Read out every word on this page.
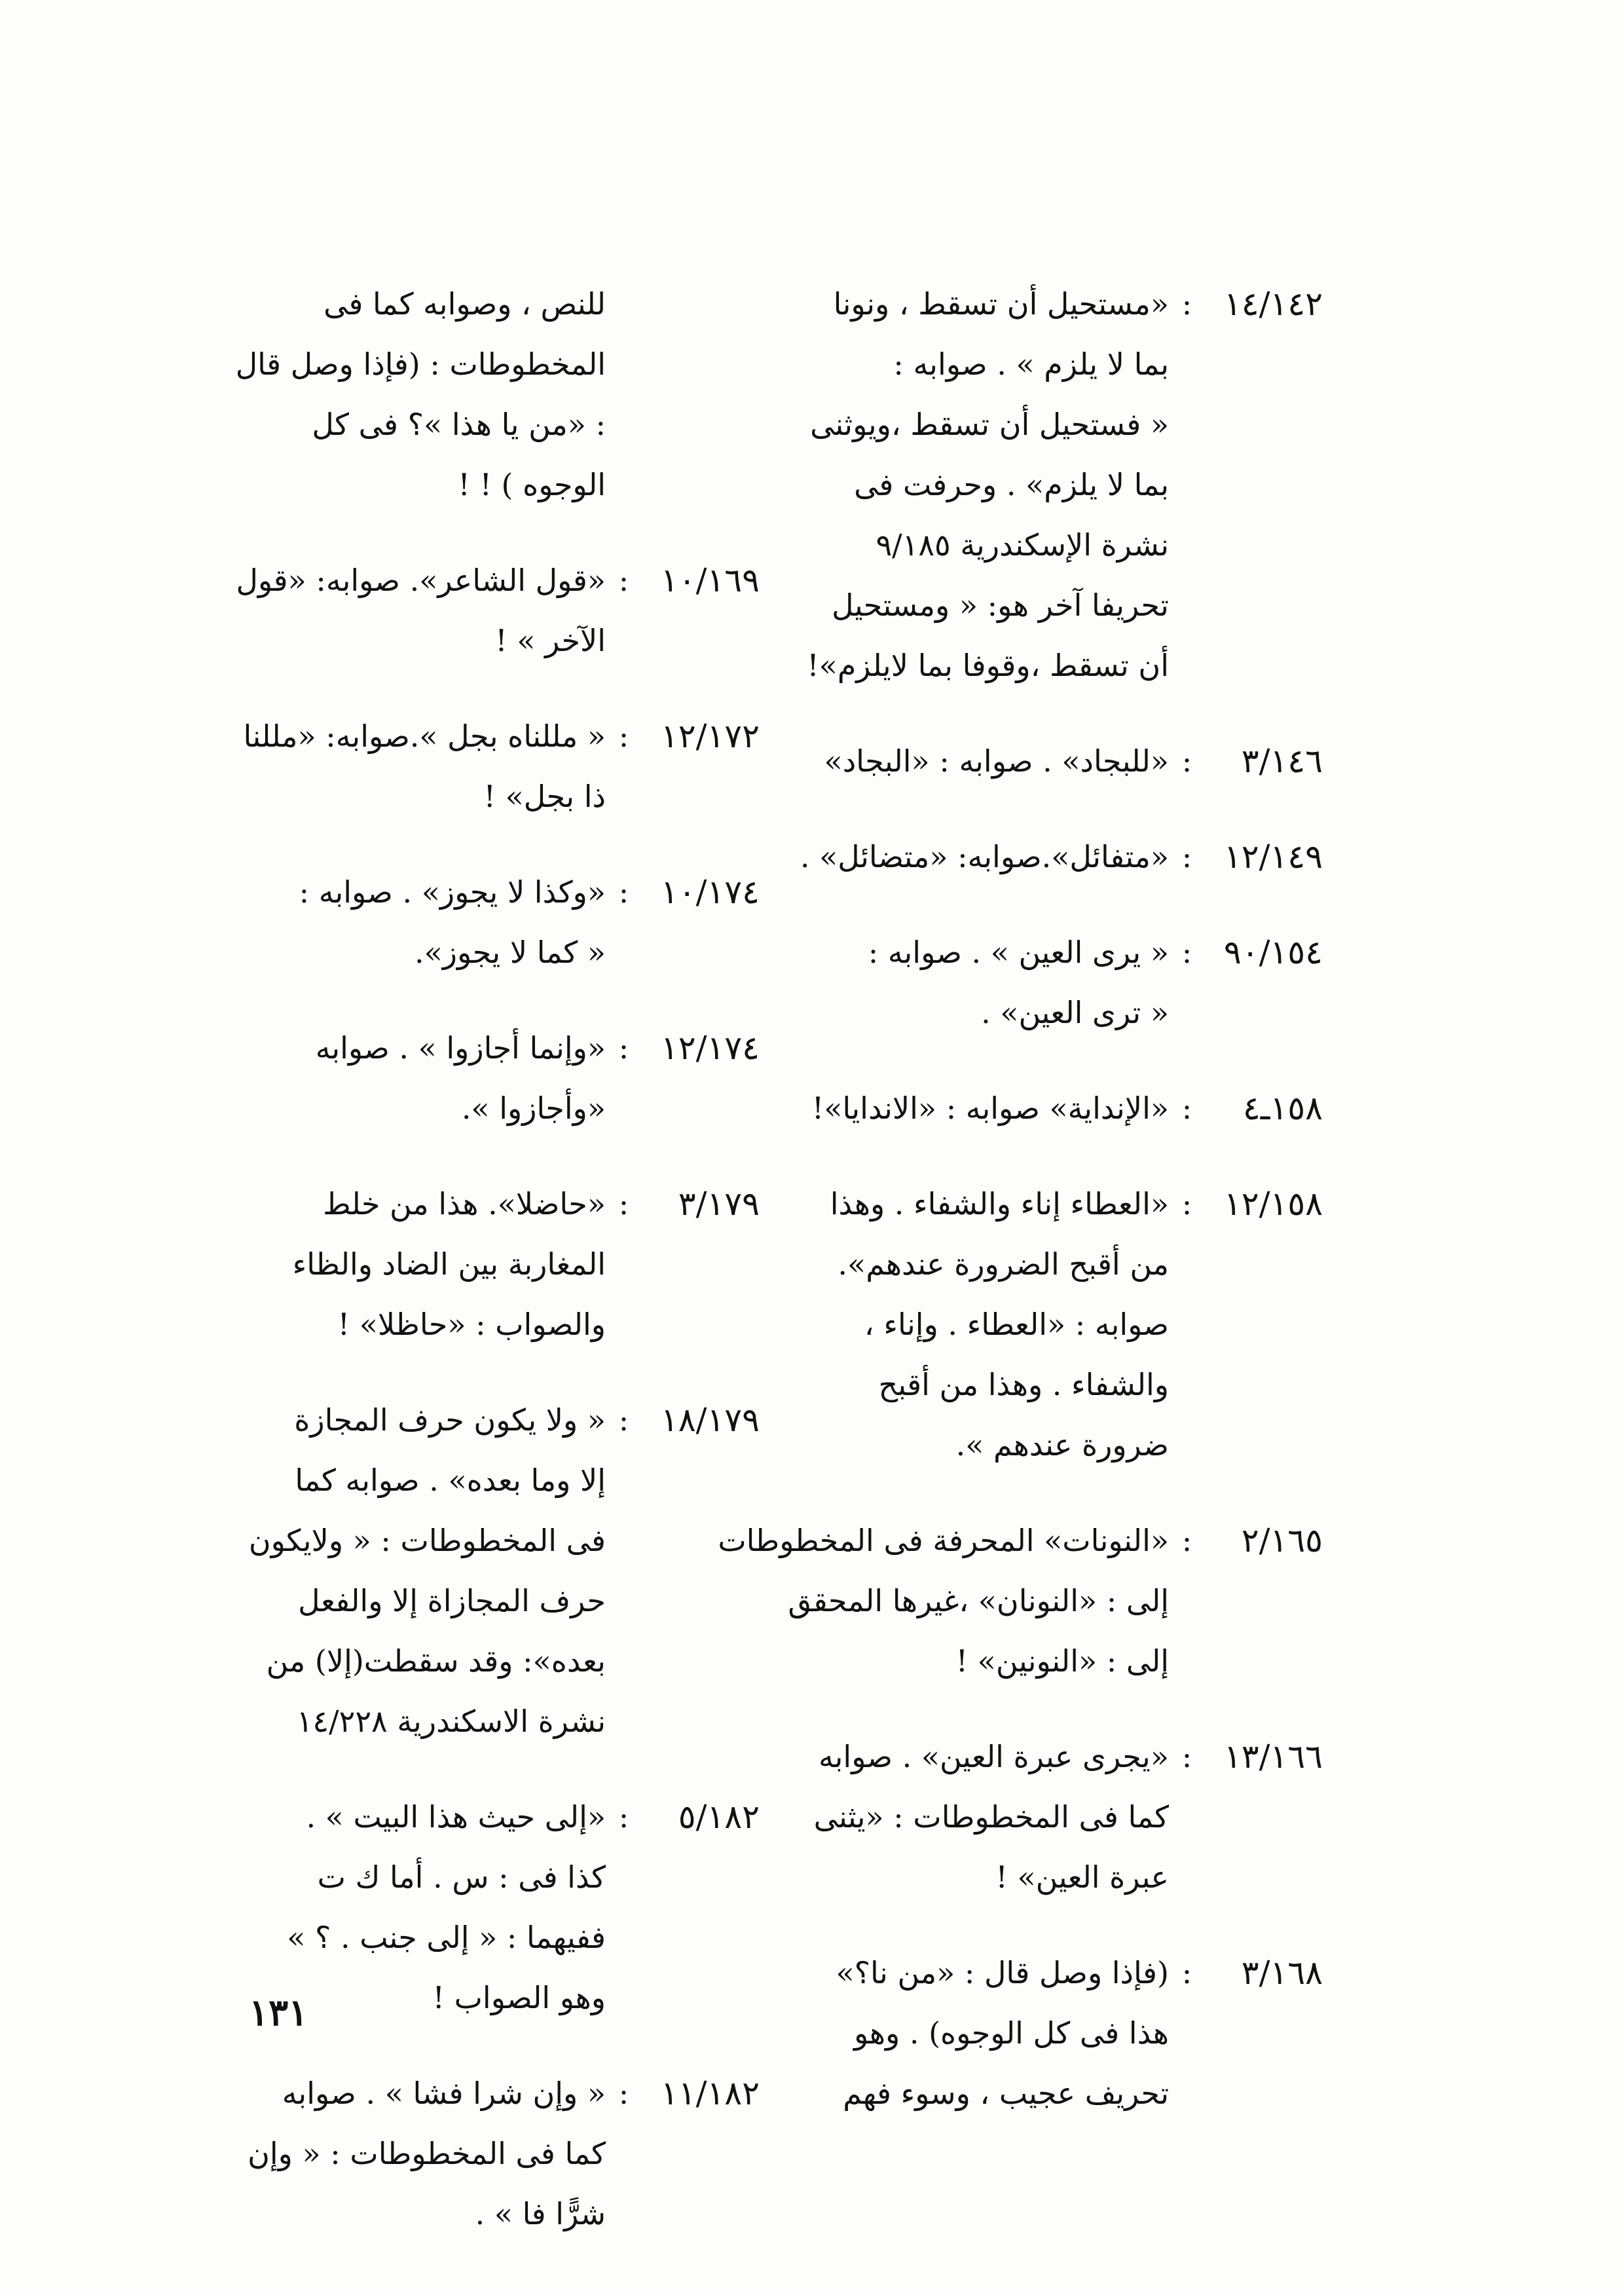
١٤/١٤٢
:
«مستحيل أن تسقط ، ونونا
بما لا يلزم » . صوابه :
« فستحيل أن تسقط ،ويوثنى
بما لا يلزم» . وحرفت فى
نشرة الإسكندرية ٩/١٨٥
تحريفا آخر هو: « ومستحيل
أن تسقط ،وقوفا بما لايلزم»!
٣/١٤٦
:
«للبجاد» . صوابه : «البجاد»
١٢/١٤٩
:
«متفائل».صوابه: «متضائل» .
٩٠/١٥٤
:
« يرى العين » . صوابه :
« ترى العين» .
١٥٨ـ٤
:
«الإنداية» صوابه : «الاندايا»!
١٢/١٥٨
:
«العطاء إناء والشفاء . وهذا
من أقبح الضرورة عندهم».
صوابه : «العطاء . وإناء ،
والشفاء . وهذا من أقبح
ضرورة عندهم ».
٢/١٦٥
:
«النونات» المحرفة فى المخطوطات
إلى : «النونان» ،غيرها المحقق
إلى : «النونين» !
١٣/١٦٦
:
«يجرى عبرة العين» . صوابه
كما فى المخطوطات : «يثنى
عبرة العين» !
٣/١٦٨
:
(فإذا وصل قال : «من نا؟»
هذا فى كل الوجوه) . وهو
تحريف عجيب ، وسوء فهم
للنص ، وصوابه كما فى
المخطوطات : (فإذا وصل قال
: «من يا هذا »؟ فى كل
الوجوه ) ! !
١٠/١٦٩
:
«قول الشاعر». صوابه: «قول
الآخر » !
١٢/١٧٢
:
« مللناه بجل ».صوابه: «مللنا
ذا بجل» !
١٠/١٧٤
:
«وكذا لا يجوز» . صوابه :
« كما لا يجوز».
١٢/١٧٤
:
«وإنما أجازوا » . صوابه
«وأجازوا ».
٣/١٧٩
:
«حاضلا». هذا من خلط
المغاربة بين الضاد والظاء
والصواب : «حاظلا» !
١٨/١٧٩
:
« ولا يكون حرف المجازة
إلا وما بعده» . صوابه كما
فى المخطوطات : « ولايكون
حرف المجازاة إلا والفعل
بعده»: وقد سقطت(إلا) من
نشرة الاسكندرية ١٤/٢٢٨
٥/١٨٢
:
«إلى حيث هذا البيت » .
كذا فى : س . أما ك ت
ففيهما : « إلى جنب . ؟ »
وهو الصواب !
١١/١٨٢
:
« وإن شرا فشا » . صوابه
كما فى المخطوطات : « وإن
شرًّا فا » .
١٣١
